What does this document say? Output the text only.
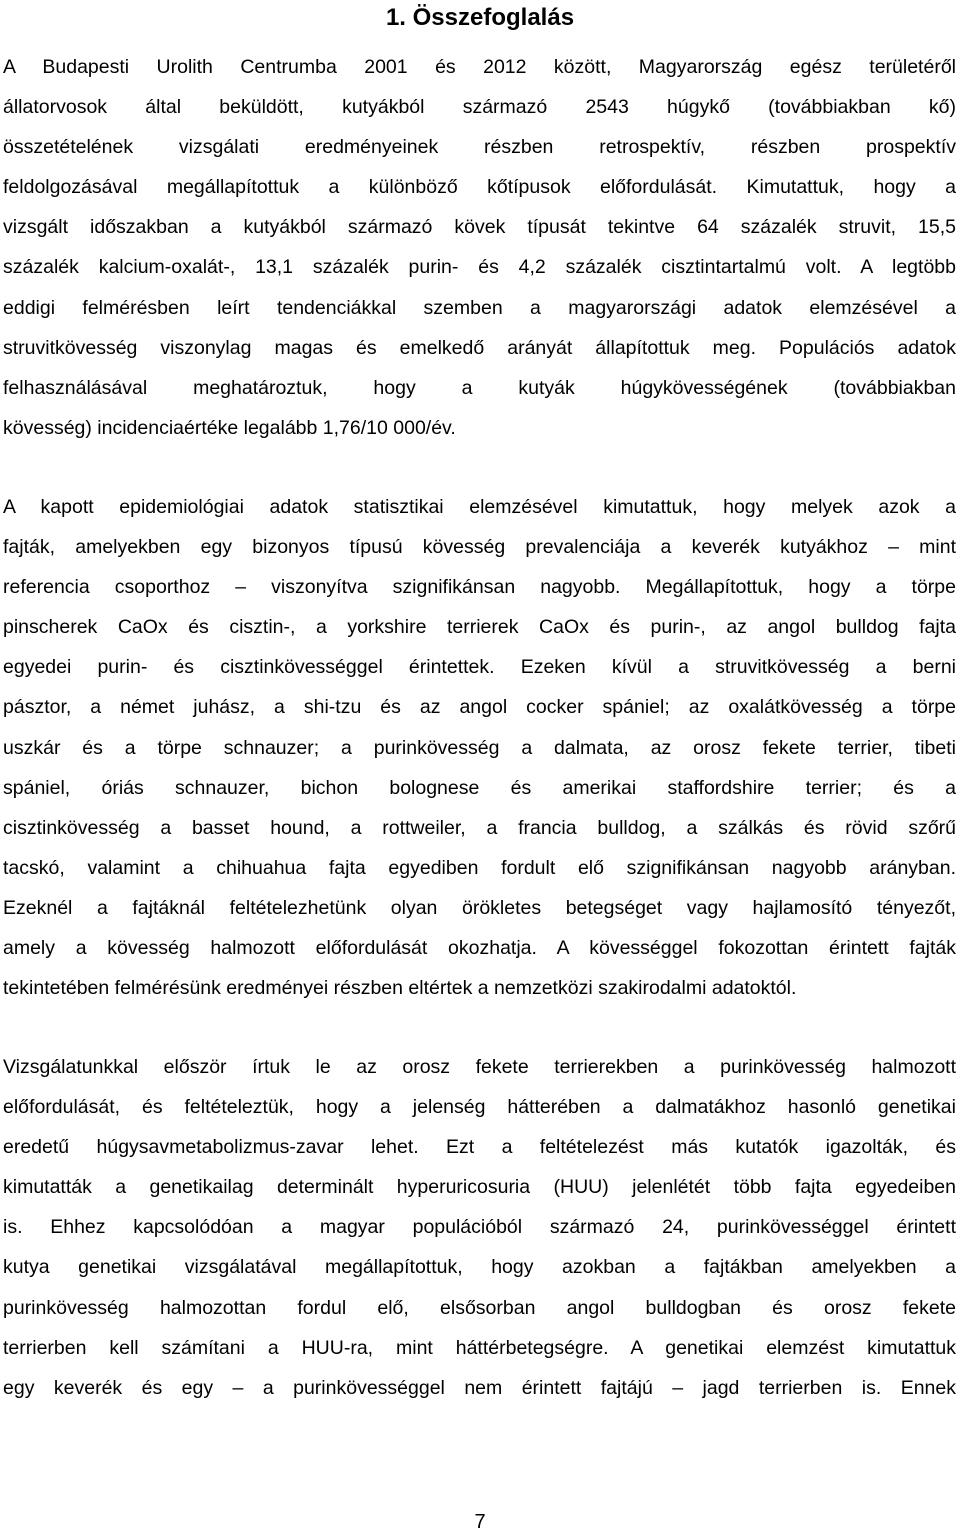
1. Összefoglalás
A Budapesti Urolith Centrumba 2001 és 2012 között, Magyarország egész területéről
állatorvosok által beküldött, kutyákból származó 2543 húgykő (továbbiakban kő)
összetételének vizsgálati eredményeinek részben retrospektív, részben prospektív
feldolgozásával megállapítottuk a különböző kőtípusok előfordulását. Kimutattuk, hogy a
vizsgált időszakban a kutyákból származó kövek típusát tekintve 64 százalék struvit, 15,5
százalék kalcium-oxalát-, 13,1 százalék purin- és 4,2 százalék cisztintartalmú volt. A legtöbb
eddigi felmérésben leírt tendenciákkal szemben a magyarországi adatok elemzésével a
struvitkövesség viszonylag magas és emelkedő arányát állapítottuk meg. Populációs adatok
felhasználásával meghatároztuk, hogy a kutyák húgykövességének (továbbiakban
kövesség) incidenciaértéke legalább 1,76/10 000/év.
A kapott epidemiológiai adatok statisztikai elemzésével kimutattuk, hogy melyek azok a
fajták, amelyekben egy bizonyos típusú kövesség prevalenciája a keverék kutyákhoz – mint
referencia csoporthoz – viszonyítva szignifikánsan nagyobb. Megállapítottuk, hogy a törpe
pinscherek CaOx és cisztin-, a yorkshire terrierek CaOx és purin-, az angol bulldog fajta
egyedei purin- és cisztinkövességgel érintettek. Ezeken kívül a struvitkövesség a berni
pásztor, a német juhász, a shi-tzu és az angol cocker spániel; az oxalátkövesség a törpe
uszkár és a törpe schnauzer; a purinkövesség a dalmata, az orosz fekete terrier, tibeti
spániel, óriás schnauzer, bichon bolognese és amerikai staffordshire terrier; és a
cisztinkövesség a basset hound, a rottweiler, a francia bulldog, a szálkás és rövid szőrű
tacskó, valamint a chihuahua fajta egyediben fordult elő szignifikánsan nagyobb arányban.
Ezeknél a fajtáknál feltételezhetünk olyan örökletes betegséget vagy hajlamosító tényezőt,
amely a kövesség halmozott előfordulását okozhatja. A kövességgel fokozottan érintett fajták
tekintetében felmérésünk eredményei részben eltértek a nemzetközi szakirodalmi adatoktól.
Vizsgálatunkkal először írtuk le az orosz fekete terrierekben a purinkövesség halmozott
előfordulását, és feltételeztük, hogy a jelenség hátterében a dalmatákhoz hasonló genetikai
eredetű húgysavmetabolizmus-zavar lehet. Ezt a feltételezést más kutatók igazolták, és
kimutatták a genetikailag determinált hyperuricosuria (HUU) jelenlétét több fajta egyedeiben
is. Ehhez kapcsolódóan a magyar populációból származó 24, purinkövességgel érintett
kutya genetikai vizsgálatával megállapítottuk, hogy azokban a fajtákban amelyekben a
purinkövesség halmozottan fordul elő, elsősorban angol bulldogban és orosz fekete
terrierben kell számítani a HUU-ra, mint háttérbetegségre. A genetikai elemzést kimutattuk
egy keverék és egy – a purinkövességgel nem érintett fajtájú – jagd terrierben is. Ennek
7
